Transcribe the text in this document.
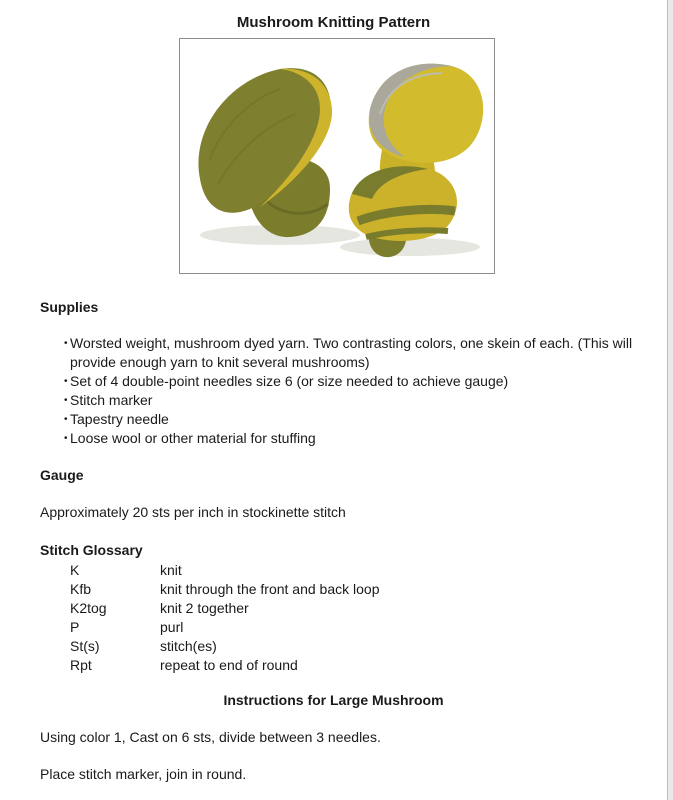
Mushroom Knitting Pattern
Supplies
• Worsted weight, mushroom dyed yarn. Two contrasting colors, one skein of each. (This will provide enough yarn to knit several mushrooms)
• Set of 4 double-point needles size 6 (or size needed to achieve gauge)
• Stitch marker
• Tapestry needle
• Loose wool or other material for stuffing
Gauge

Approximately 20 sts per inch in stockinette stitch

Stitch Glossary
K	knit
Kfb	knit through the front and back loop
K2tog	knit 2 together
P	purl
St(s)	stitch(es)
Rpt	repeat to end of round
Instructions for Large Mushroom

Using color 1, Cast on 6 sts, divide between 3 needles.

Place stitch marker, join in round.
